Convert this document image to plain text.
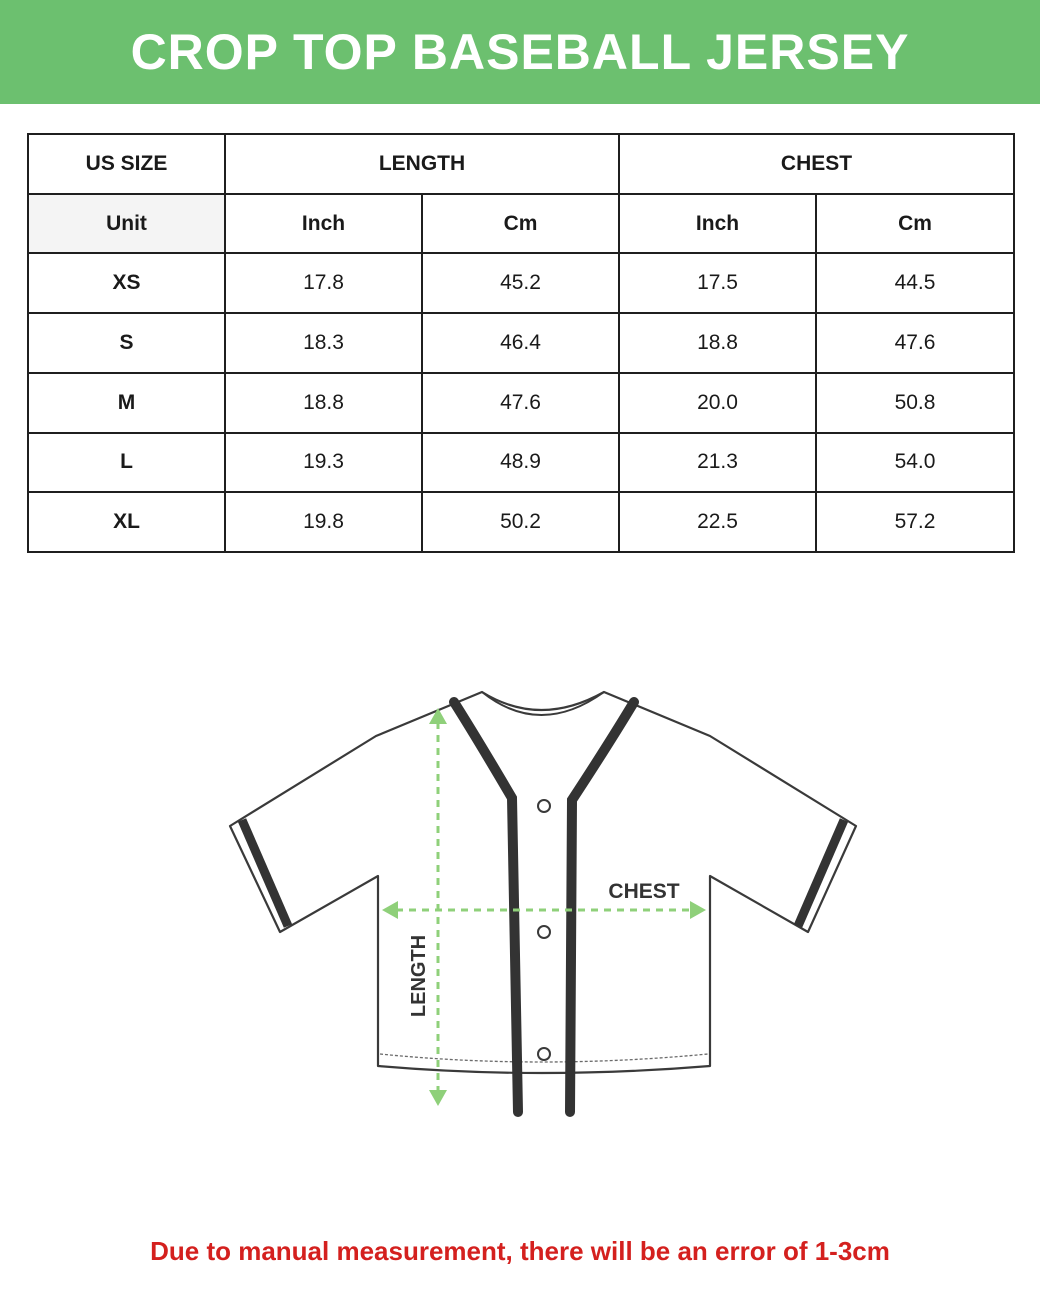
CROP TOP BASEBALL JERSEY
US SIZE	LENGTH		CHEST	
Unit	Inch	Cm	Inch	Cm
XS	17.8	45.2	17.5	44.5
S	18.3	46.4	18.8	47.6
M	18.8	47.6	20.0	50.8
L	19.3	48.9	21.3	54.0
XL	19.8	50.2	22.5	57.2
CHEST
LENGTH
Due to manual measurement, there will be an error of 1-3cm
